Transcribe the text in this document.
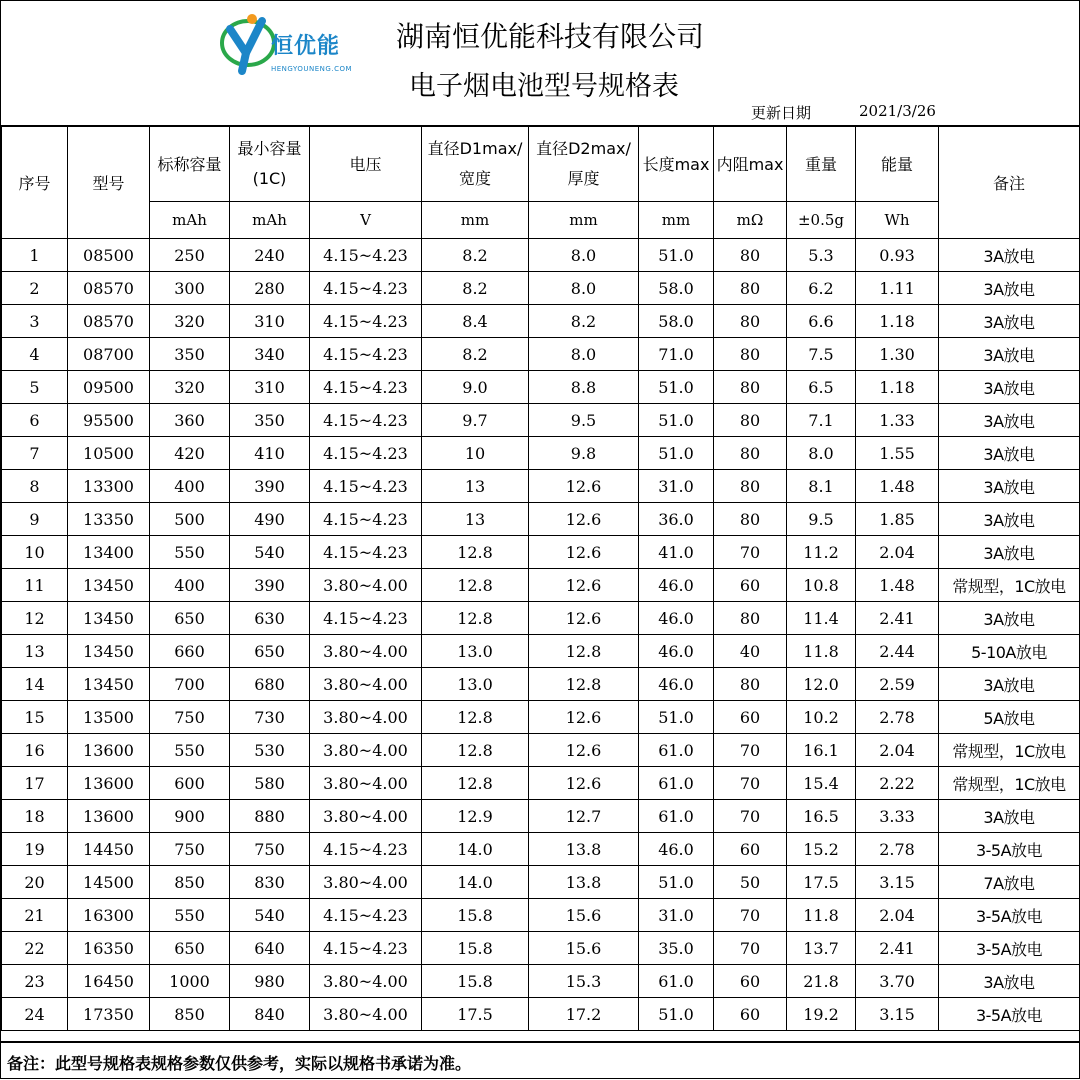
恒优能
HENGYOUNENG.COM
湖南恒优能科技有限公司
电子烟电池型号规格表
更新日期	2021/3/26
序号	型号	标称容量	最小容量(1C)	电压	直径D1max/宽度	直径D2max/厚度	长度max	内阻max	重量	能量	备注
		mAh	mAh	V	mm	mm	mm	mΩ	±0.5g	Wh	
1	08500	250	240	4.15~4.23	8.2	8.0	51.0	80	5.3	0.93	3A放电
2	08570	300	280	4.15~4.23	8.2	8.0	58.0	80	6.2	1.11	3A放电
3	08570	320	310	4.15~4.23	8.4	8.2	58.0	80	6.6	1.18	3A放电
4	08700	350	340	4.15~4.23	8.2	8.0	71.0	80	7.5	1.30	3A放电
5	09500	320	310	4.15~4.23	9.0	8.8	51.0	80	6.5	1.18	3A放电
6	95500	360	350	4.15~4.23	9.7	9.5	51.0	80	7.1	1.33	3A放电
7	10500	420	410	4.15~4.23	10	9.8	51.0	80	8.0	1.55	3A放电
8	13300	400	390	4.15~4.23	13	12.6	31.0	80	8.1	1.48	3A放电
9	13350	500	490	4.15~4.23	13	12.6	36.0	80	9.5	1.85	3A放电
10	13400	550	540	4.15~4.23	12.8	12.6	41.0	70	11.2	2.04	3A放电
11	13450	400	390	3.80~4.00	12.8	12.6	46.0	60	10.8	1.48	常规型，1C放电
12	13450	650	630	4.15~4.23	12.8	12.6	46.0	80	11.4	2.41	3A放电
13	13450	660	650	3.80~4.00	13.0	12.8	46.0	40	11.8	2.44	5-10A放电
14	13450	700	680	3.80~4.00	13.0	12.8	46.0	80	12.0	2.59	3A放电
15	13500	750	730	3.80~4.00	12.8	12.6	51.0	60	10.2	2.78	5A放电
16	13600	550	530	3.80~4.00	12.8	12.6	61.0	70	16.1	2.04	常规型，1C放电
17	13600	600	580	3.80~4.00	12.8	12.6	61.0	70	15.4	2.22	常规型，1C放电
18	13600	900	880	3.80~4.00	12.9	12.7	61.0	70	16.5	3.33	3A放电
19	14450	750	750	4.15~4.23	14.0	13.8	46.0	60	15.2	2.78	3-5A放电
20	14500	850	830	3.80~4.00	14.0	13.8	51.0	50	17.5	3.15	7A放电
21	16300	550	540	4.15~4.23	15.8	15.6	31.0	70	11.8	2.04	3-5A放电
22	16350	650	640	4.15~4.23	15.8	15.6	35.0	70	13.7	2.41	3-5A放电
23	16450	1000	980	3.80~4.00	15.8	15.3	61.0	60	21.8	3.70	3A放电
24	17350	850	840	3.80~4.00	17.5	17.2	51.0	60	19.2	3.15	3-5A放电
备注：此型号规格表规格参数仅供参考，实际以规格书承诺为准。
